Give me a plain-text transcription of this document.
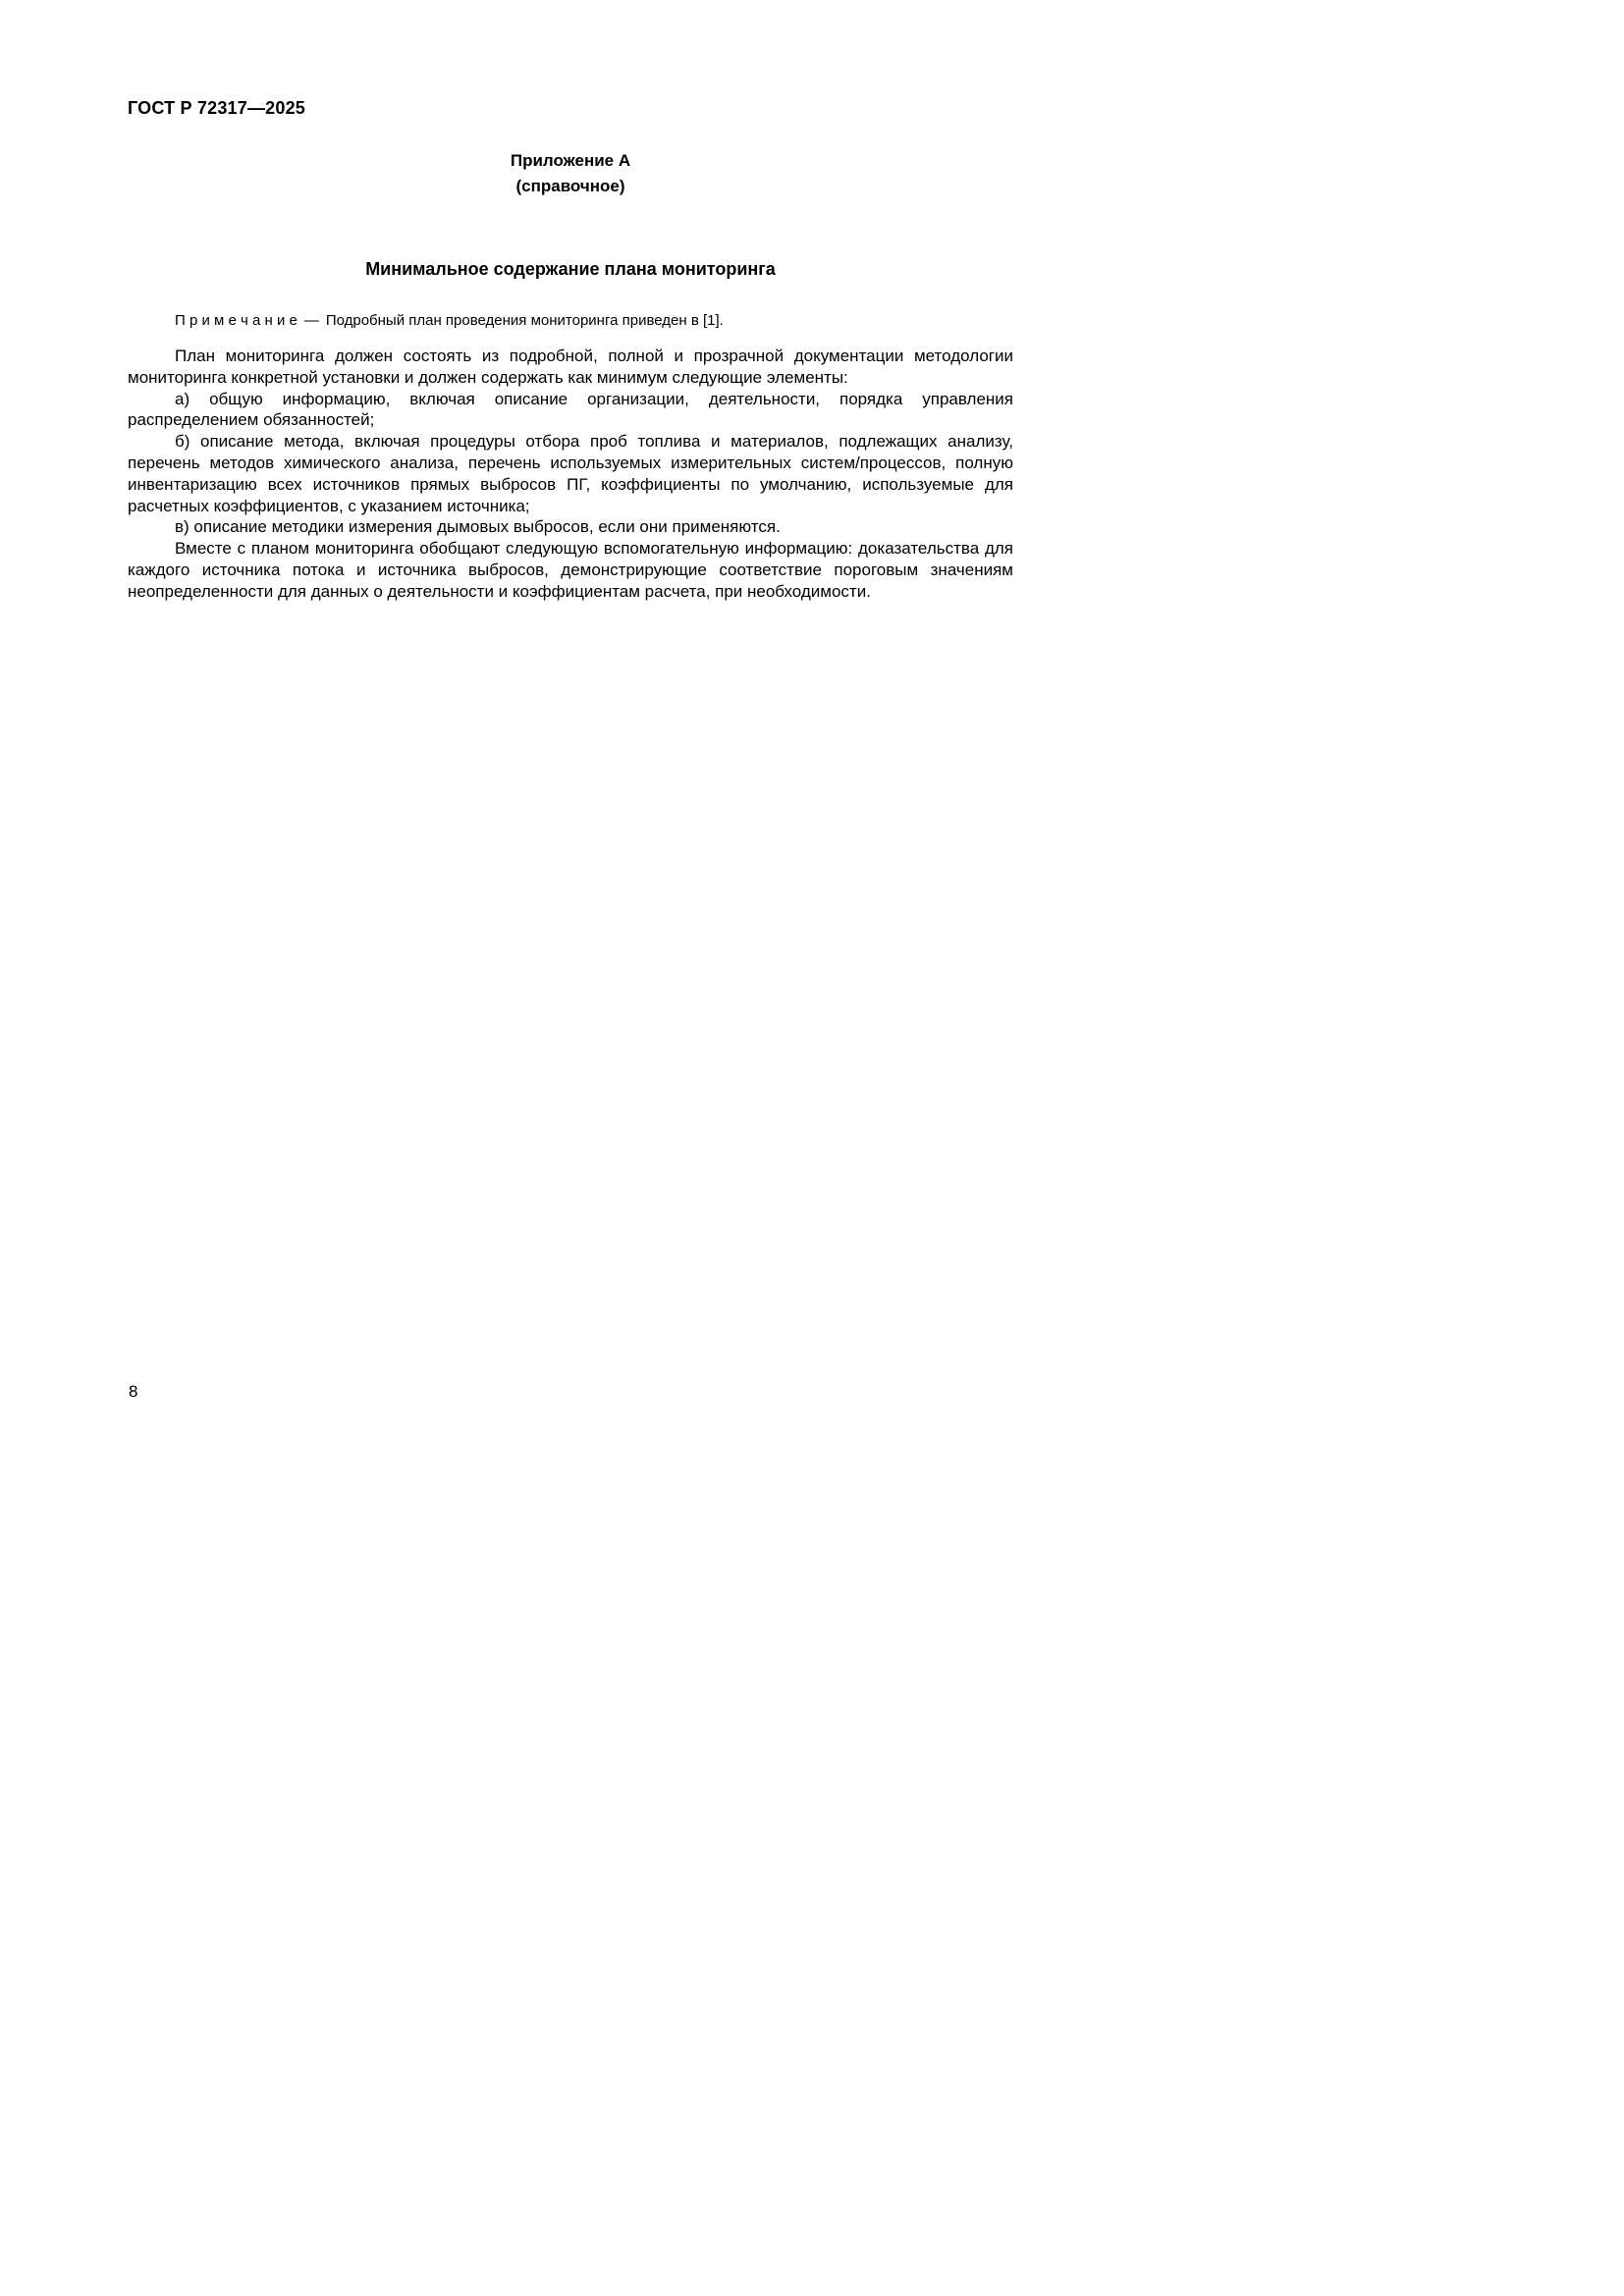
ГОСТ Р 72317—2025
Приложение А
(справочное)
Минимальное содержание плана мониторинга

П р и м е ч а н и е — Подробный план проведения мониторинга приведен в [1].

План мониторинга должен состоять из подробной, полной и прозрачной документации методологии мониторинга конкретной установки и должен содержать как минимум следующие элементы:

а) общую информацию, включая описание организации, деятельности, порядка управления распределением обязанностей;

б) описание метода, включая процедуры отбора проб топлива и материалов, подлежащих анализу, перечень методов химического анализа, перечень используемых измерительных систем/процессов, полную инвентаризацию всех источников прямых выбросов ПГ, коэффициенты по умолчанию, используемые для расчетных коэффициентов, с указанием источника;

в) описание методики измерения дымовых выбросов, если они применяются.

Вместе с планом мониторинга обобщают следующую вспомогательную информацию: доказательства для каждого источника потока и источника выбросов, демонстрирующие соответствие пороговым значениям неопределенности для данных о деятельности и коэффициентам расчета, при необходимости.

8
